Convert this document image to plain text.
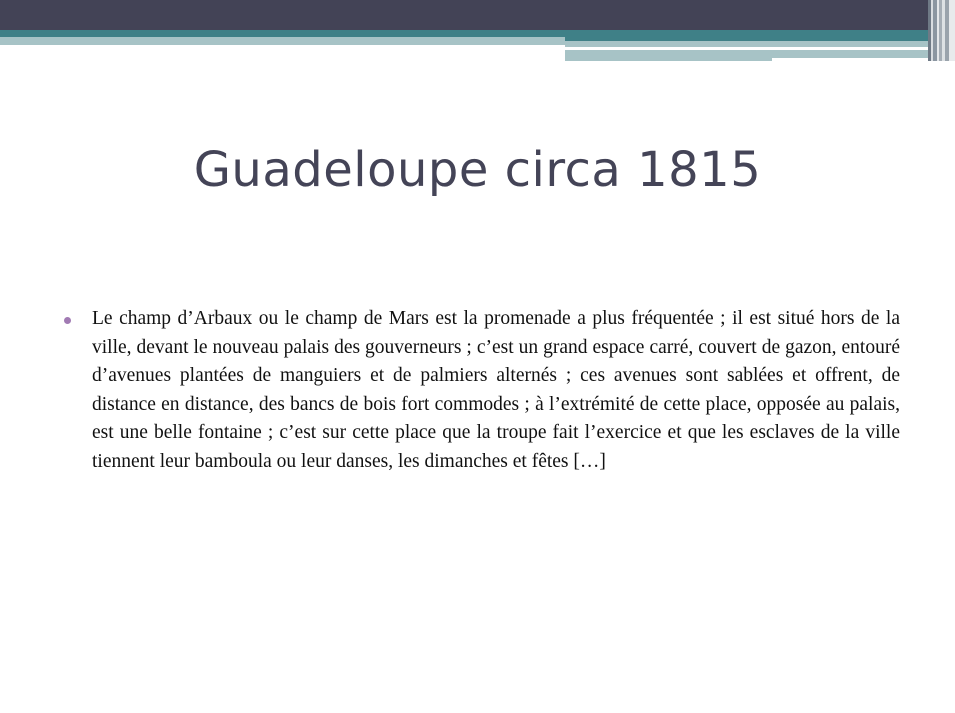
Guadeloupe circa 1815

Le champ d’Arbaux ou le champ de Mars est la promenade a plus fréquentée ; il est situé hors de la ville, devant le nouveau palais des gouverneurs ; c’est un grand espace carré, couvert de gazon, entouré d’avenues plantées de manguiers et de palmiers alternés ; ces avenues sont sablées et offrent, de distance en distance, des bancs de bois fort commodes ; à l’extrémité de cette place, opposée au palais, est une belle fontaine ; c’est sur cette place que la troupe fait l’exercice et que les esclaves de la ville tiennent leur bamboula ou leur danses, les dimanches et fêtes […]
